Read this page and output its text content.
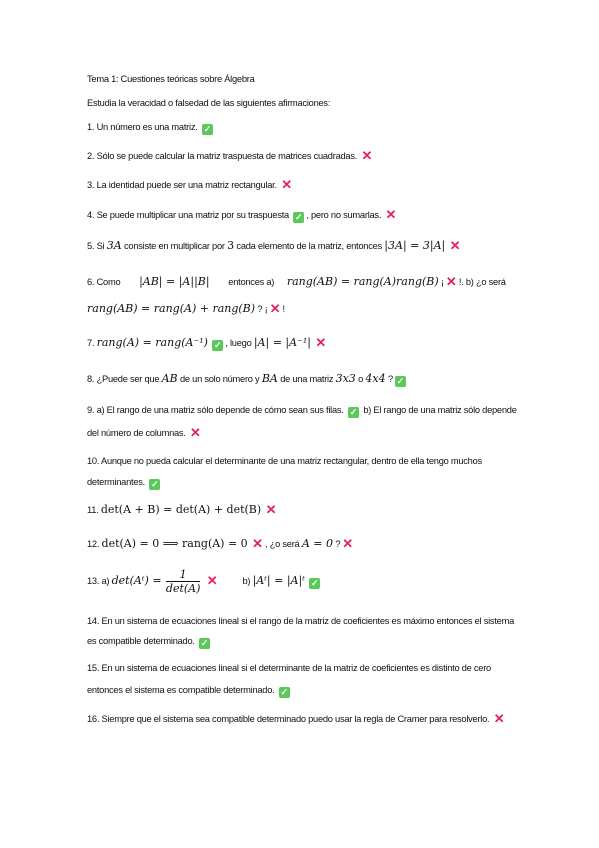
Tema 1: Cuestiones teóricas sobre Álgebra
Estudia la veracidad o falsedad de las siguientes afirmaciones:
1. Un número es una matriz. ✓
2. Sólo se puede calcular la matriz traspuesta de matrices cuadradas. ✕
3. La identidad puede ser una matriz rectangular. ✕
4. Se puede multiplicar una matriz por su traspuesta ✓ , pero no sumarlas. ✕
5. Si 3A consiste en multiplicar por 3 cada elemento de la matriz, entonces |3A| = 3|A| ✕
6. Como |AB| = |A||B| entonces a) rang(AB) = rang(A)rang(B) ¡ ✕ !. b) ¿o será
rang(AB) = rang(A) + rang(B) ? ¡ ✕ !
7. rang(A) = rang(A⁻¹) ✓ , luego |A| = |A⁻¹| ✕
8. ¿Puede ser que AB de un solo número y BA de una matriz 3x3 o 4x4 ? ✓
9. a) El rango de una matriz sólo depende de cómo sean sus filas. ✓ b) El rango de una matriz sólo depende
del número de columnas. ✕
10. Aunque no pueda calcular el determinante de una matriz rectangular, dentro de ella tengo muchos
determinantes. ✓
11. det(A + B) = det(A) + det(B) ✕
12. det(A) = 0 ⟹ rang(A) = 0 ✕ , ¿o será A = 0 ? ✕
13. a) det(Aᵗ) = $\frac{1}{\det(A)}$ ✕	b) |Aᵗ| = |A|ᵗ ✓
14. En un sistema de ecuaciones lineal si el rango de la matriz de coeficientes es máximo entonces el sistema
es compatible determinado. ✓
15. En un sistema de ecuaciones lineal si el determinante de la matriz de coeficientes es distinto de cero
entonces el sistema es compatible determinado. ✓
16. Siempre que el sistema sea compatible determinado puedo usar la regla de Cramer para resolverlo. ✕
